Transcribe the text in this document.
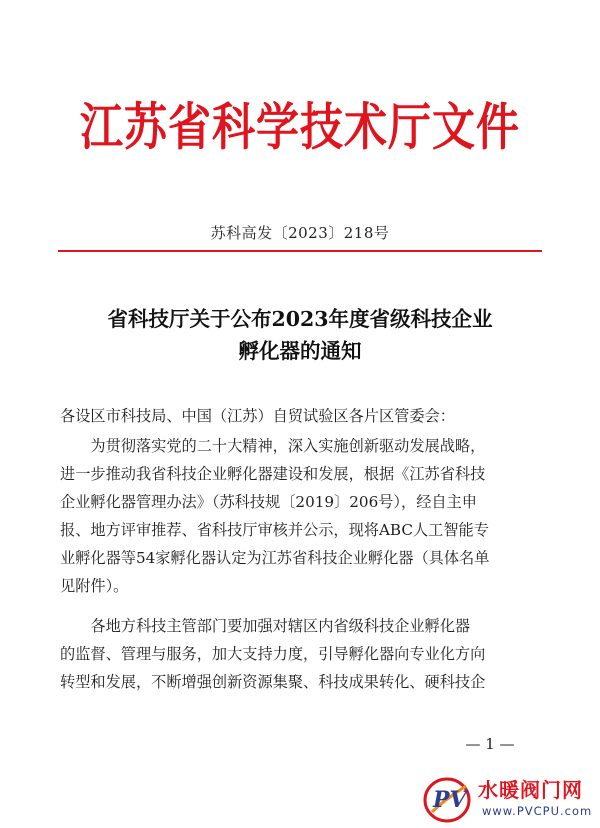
江苏省科学技术厅文件
苏科高发〔2023〕218号
省科技厅关于公布2023年度省级科技企业
孵化器的通知
各设区市科技局、中国（江苏）自贸试验区各片区管委会：
　　为贯彻落实党的二十大精神，深入实施创新驱动发展战略，
进一步推动我省科技企业孵化器建设和发展，根据《江苏省科技
企业孵化器管理办法》（苏科技规〔2019〕206号），经自主申
报、地方评审推荐、省科技厅审核并公示，现将ABC人工智能专
业孵化器等54家孵化器认定为江苏省科技企业孵化器（具体名单
见附件）。
　　各地方科技主管部门要加强对辖区内省级科技企业孵化器
的监督、管理与服务，加大支持力度，引导孵化器向专业化方向
转型和发展，不断增强创新资源集聚、科技成果转化、硬科技企
— 1 —
PV 水暖阀门网
www.PVCPU.com
